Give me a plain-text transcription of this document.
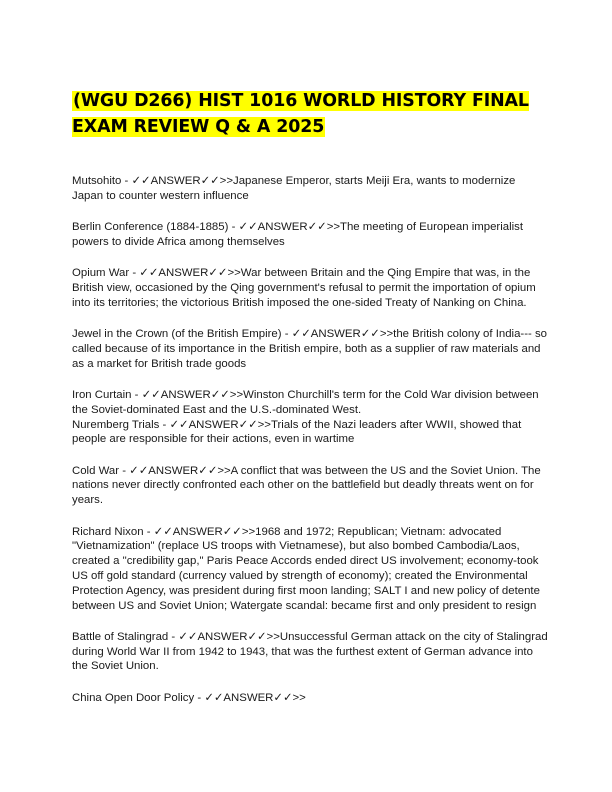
(WGU D266) HIST 1016 WORLD HISTORY FINAL EXAM REVIEW Q & A 2025
Mutsohito - ✓✓ANSWER✓✓>>Japanese Emperor, starts Meiji Era, wants to modernize Japan to counter western influence
Berlin Conference (1884-1885) - ✓✓ANSWER✓✓>>The meeting of European imperialist powers to divide Africa among themselves
Opium War - ✓✓ANSWER✓✓>>War between Britain and the Qing Empire that was, in the British view, occasioned by the Qing government's refusal to permit the importation of opium into its territories; the victorious British imposed the one-sided Treaty of Nanking on China.
Jewel in the Crown (of the British Empire) - ✓✓ANSWER✓✓>>the British colony of India--- so called because of its importance in the British empire, both as a supplier of raw materials and as a market for British trade goods
Iron Curtain - ✓✓ANSWER✓✓>>Winston Churchill's term for the Cold War division between the Soviet-dominated East and the U.S.-dominated West.
Nuremberg Trials - ✓✓ANSWER✓✓>>Trials of the Nazi leaders after WWII, showed that people are responsible for their actions, even in wartime
Cold War - ✓✓ANSWER✓✓>>A conflict that was between the US and the Soviet Union. The nations never directly confronted each other on the battlefield but deadly threats went on for years.
Richard Nixon - ✓✓ANSWER✓✓>>1968 and 1972; Republican; Vietnam: advocated "Vietnamization" (replace US troops with Vietnamese), but also bombed Cambodia/Laos, created a "credibility gap," Paris Peace Accords ended direct US involvement; economy-took US off gold standard (currency valued by strength of economy); created the Environmental Protection Agency, was president during first moon landing; SALT I and new policy of detente between US and Soviet Union; Watergate scandal: became first and only president to resign
Battle of Stalingrad - ✓✓ANSWER✓✓>>Unsuccessful German attack on the city of Stalingrad during World War II from 1942 to 1943, that was the furthest extent of German advance into the Soviet Union.
China Open Door Policy - ✓✓ANSWER✓✓>>
